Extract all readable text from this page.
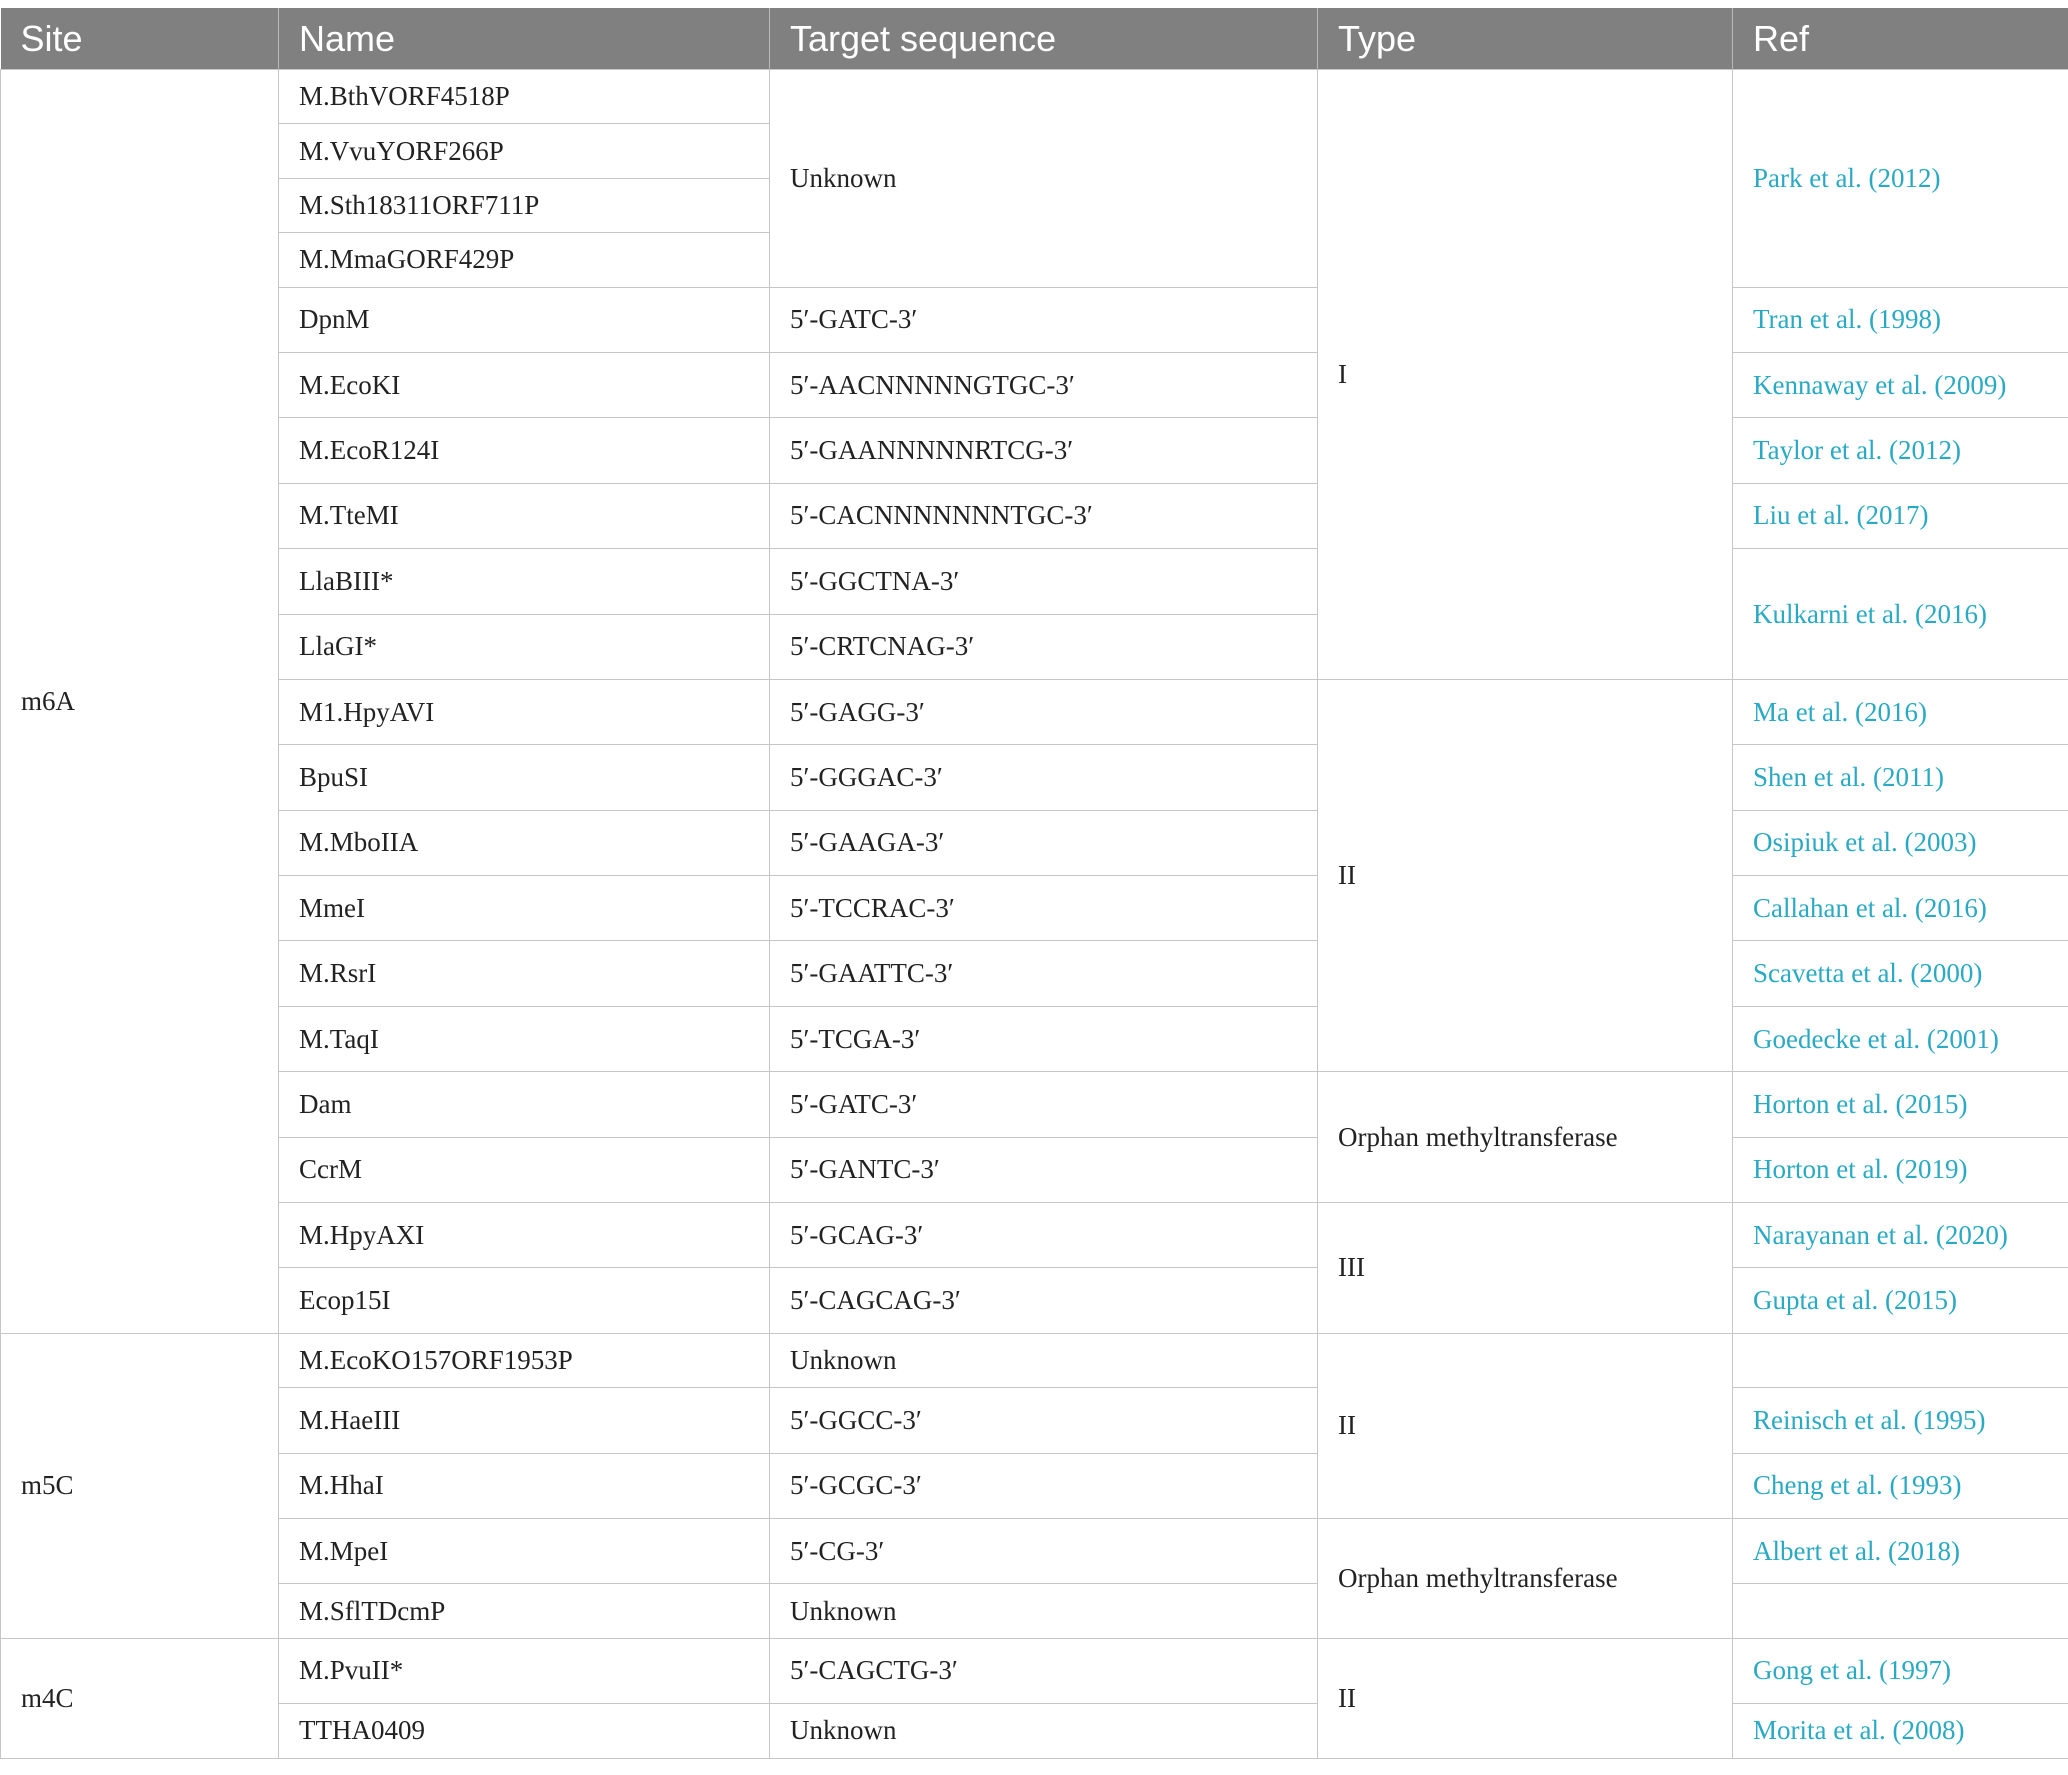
Site	Name	Target sequence	Type	Ref
m6A	M.BthVORF4518P	Unknown	I	Park et al. (2012)
	M.VvuYORF266P			
	M.Sth18311ORF711P			
	M.MmaGORF429P			
	DpnM	5′-GATC-3′		Tran et al. (1998)
	M.EcoKI	5′-AACNNNNNGTGC-3′		Kennaway et al. (2009)
	M.EcoR124I	5′-GAANNNNNRTCG-3′		Taylor et al. (2012)
	M.TteMI	5′-CACNNNNNNNTGC-3′		Liu et al. (2017)
	LlaBIII*	5′-GGCTNA-3′		Kulkarni et al. (2016)
	LlaGI*	5′-CRTCNAG-3′		
	M1.HpyAVI	5′-GAGG-3′	II	Ma et al. (2016)
	BpuSI	5′-GGGAC-3′		Shen et al. (2011)
	M.MboIIA	5′-GAAGA-3′		Osipiuk et al. (2003)
	MmeI	5′-TCCRAC-3′		Callahan et al. (2016)
	M.RsrI	5′-GAATTC-3′		Scavetta et al. (2000)
	M.TaqI	5′-TCGA-3′		Goedecke et al. (2001)
	Dam	5′-GATC-3′	Orphan methyltransferase	Horton et al. (2015)
	CcrM	5′-GANTC-3′		Horton et al. (2019)
	M.HpyAXI	5′-GCAG-3′	III	Narayanan et al. (2020)
	Ecop15I	5′-CAGCAG-3′		Gupta et al. (2015)
m5C	M.EcoKO157ORF1953P	Unknown	II	
	M.HaeIII	5′-GGCC-3′		Reinisch et al. (1995)
	M.HhaI	5′-GCGC-3′		Cheng et al. (1993)
	M.MpeI	5′-CG-3′	Orphan methyltransferase	Albert et al. (2018)
	M.SflTDcmP	Unknown		
m4C	M.PvuII*	5′-CAGCTG-3′	II	Gong et al. (1997)
	TTHA0409	Unknown		Morita et al. (2008)
